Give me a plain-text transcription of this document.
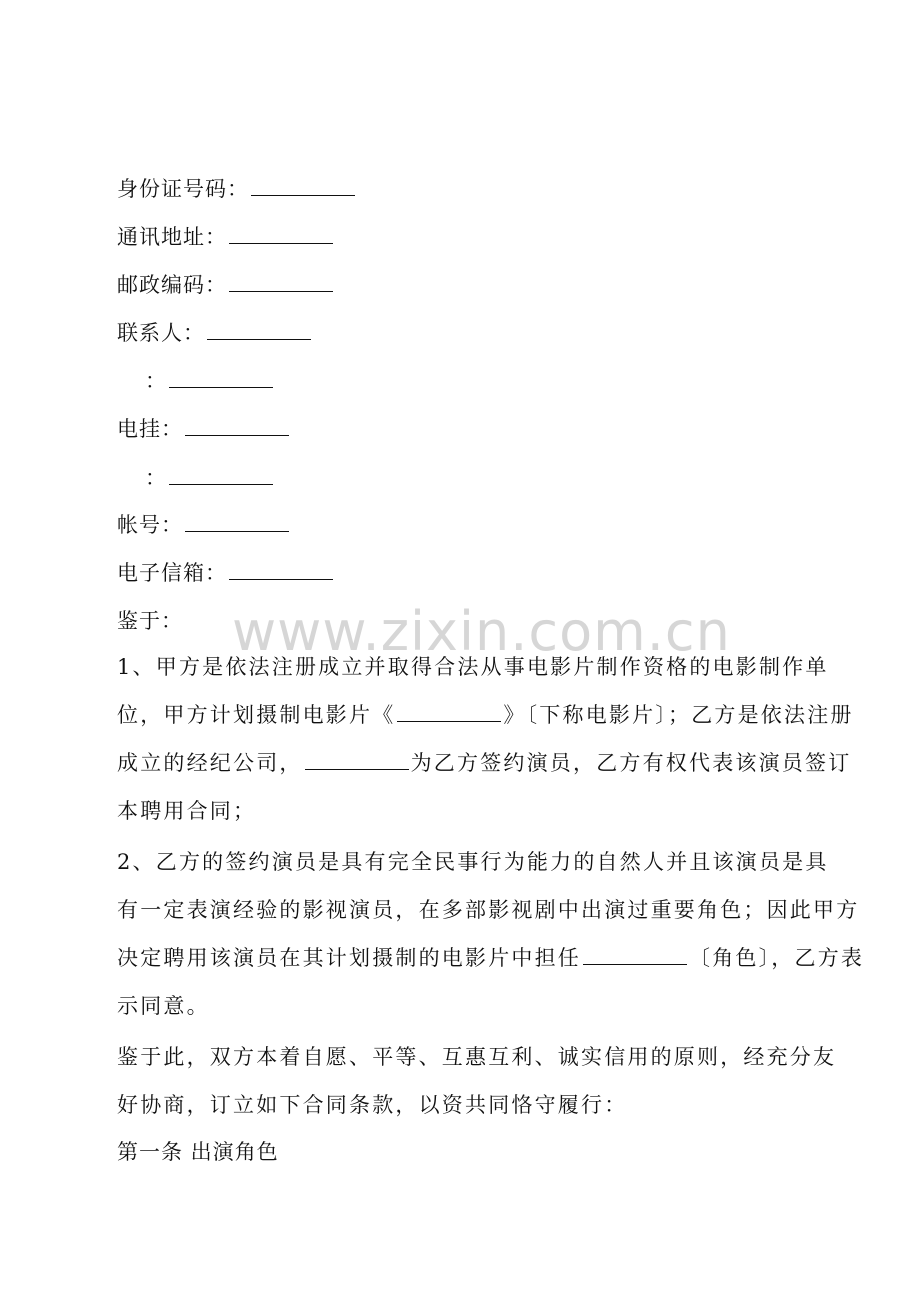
身份证号码：
通讯地址：
邮政编码：
联系人：
：
电挂：
：
帐号：
电子信箱：
鉴于： www.zixin.com.cn
1、甲方是依法注册成立并取得合法从事电影片制作资格的电影制作单
位，甲方计划摄制电影片《	》〔下称电影片〕；乙方是依法注册
成立的经纪公司，	为乙方签约演员，乙方有权代表该演员签订
本聘用合同；
2、乙方的签约演员是具有完全民事行为能力的自然人并且该演员是具
有一定表演经验的影视演员，在多部影视剧中出演过重要角色；因此甲方
决定聘用该演员在其计划摄制的电影片中担任	〔角色〕，乙方表
示同意。
鉴于此，双方本着自愿、平等、互惠互利、诚实信用的原则，经充分友
好协商，订立如下合同条款，以资共同恪守履行：
第一条 出演角色
